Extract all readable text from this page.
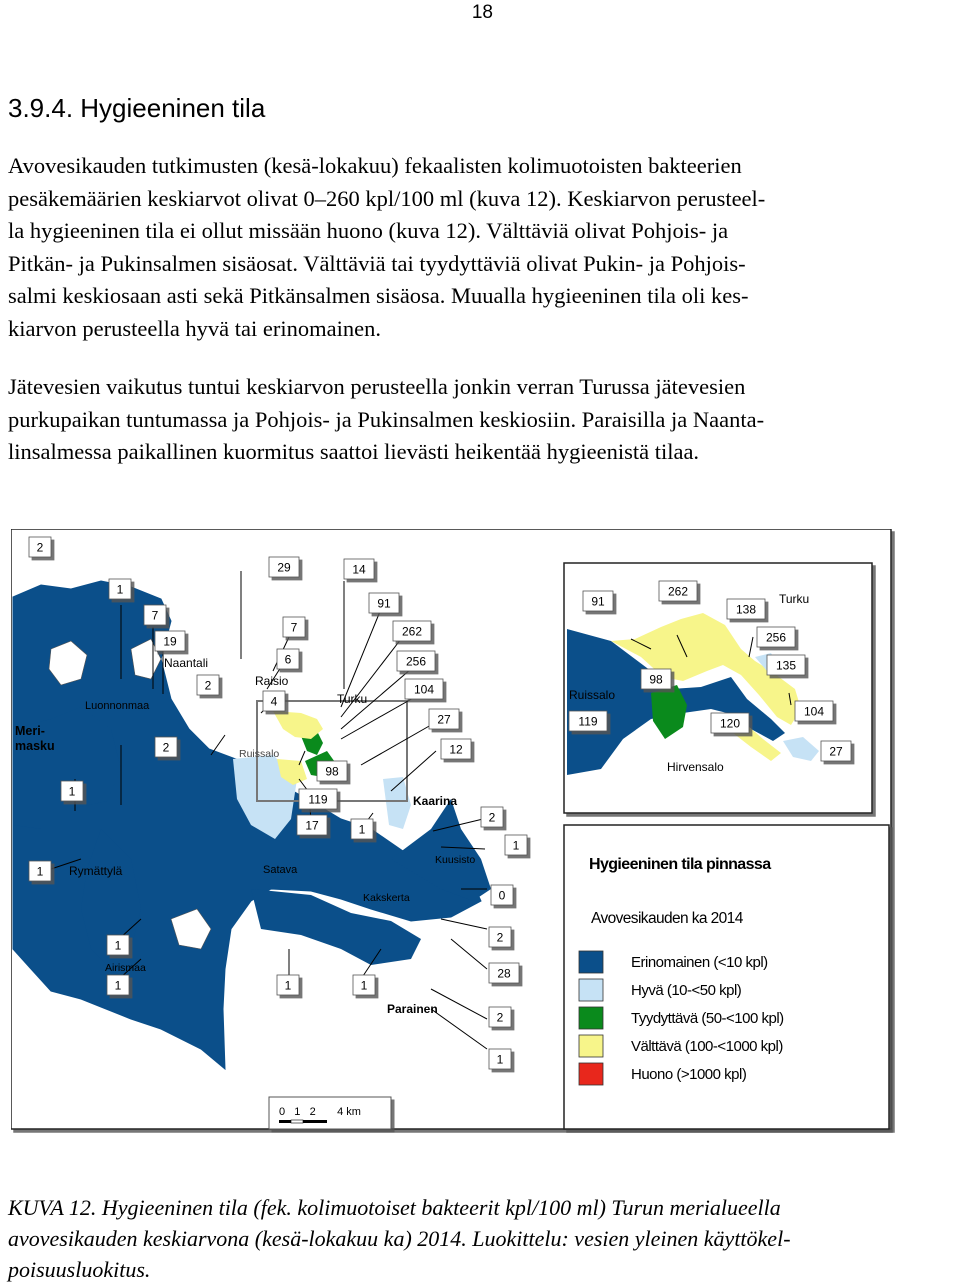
18
3.9.4. Hygieeninen tila

Avovesikauden tutkimusten (kesä-lokakuu) fekaalisten kolimuotoisten bakteerien
pesäkemäärien keskiarvot olivat 0–260 kpl/100 ml (kuva 12). Keskiarvon perusteel-
la hygieeninen tila ei ollut missään huono (kuva 12). Välttäviä olivat Pohjois- ja
Pitkän- ja Pukinsalmen sisäosat. Välttäviä tai tyydyttäviä olivat Pukin- ja Pohjois-
salmi keskiosaan asti sekä Pitkänsalmen sisäosa. Muualla hygieeninen tila oli kes-
kiarvon perusteella hyvä tai erinomainen.

Jätevesien vaikutus tuntui keskiarvon perusteella jonkin verran Turussa jätevesien
purkupaikan tuntumassa ja Pohjois- ja Pukinsalmen keskiosiin. Paraisilla ja Naanta-
linsalmessa paikallinen kuormitus saattoi lievästi heikentää hygieenistä tilaa.

Meri-masku
Luonnonmaa
Naantali
Raisio
Turku
Ruissalo
Kaarina
Kuusisto
Satava
Kakskerta
Rymättylä
Airismaa
Parainen
2
29	14
1
7
91
19
7	262
6	256
2	104
4
27
2	12
98
1
119
17	1
2
1
1
0
1
2
28
1	1	1
2
1
0   1   2       4 km
Ruissalo
Hirvensalo
Turku
91
262
138
256
98
135
104
119	120
27
Hygieeninen tila pinnassa
Avovesikauden ka 2014
Erinomainen (<10 kpl)
Hyvä (10-<50 kpl)
Tyydyttävä (50-<100 kpl)
Välttävä (100-<1000 kpl)
Huono (>1000 kpl)

KUVA 12. Hygieeninen tila (fek. kolimuotoiset bakteerit kpl/100 ml) Turun merialueella
avovesikauden keskiarvona (kesä-lokakuu ka) 2014. Luokittelu: vesien yleinen käyttökel-
poisuusluokitus.
